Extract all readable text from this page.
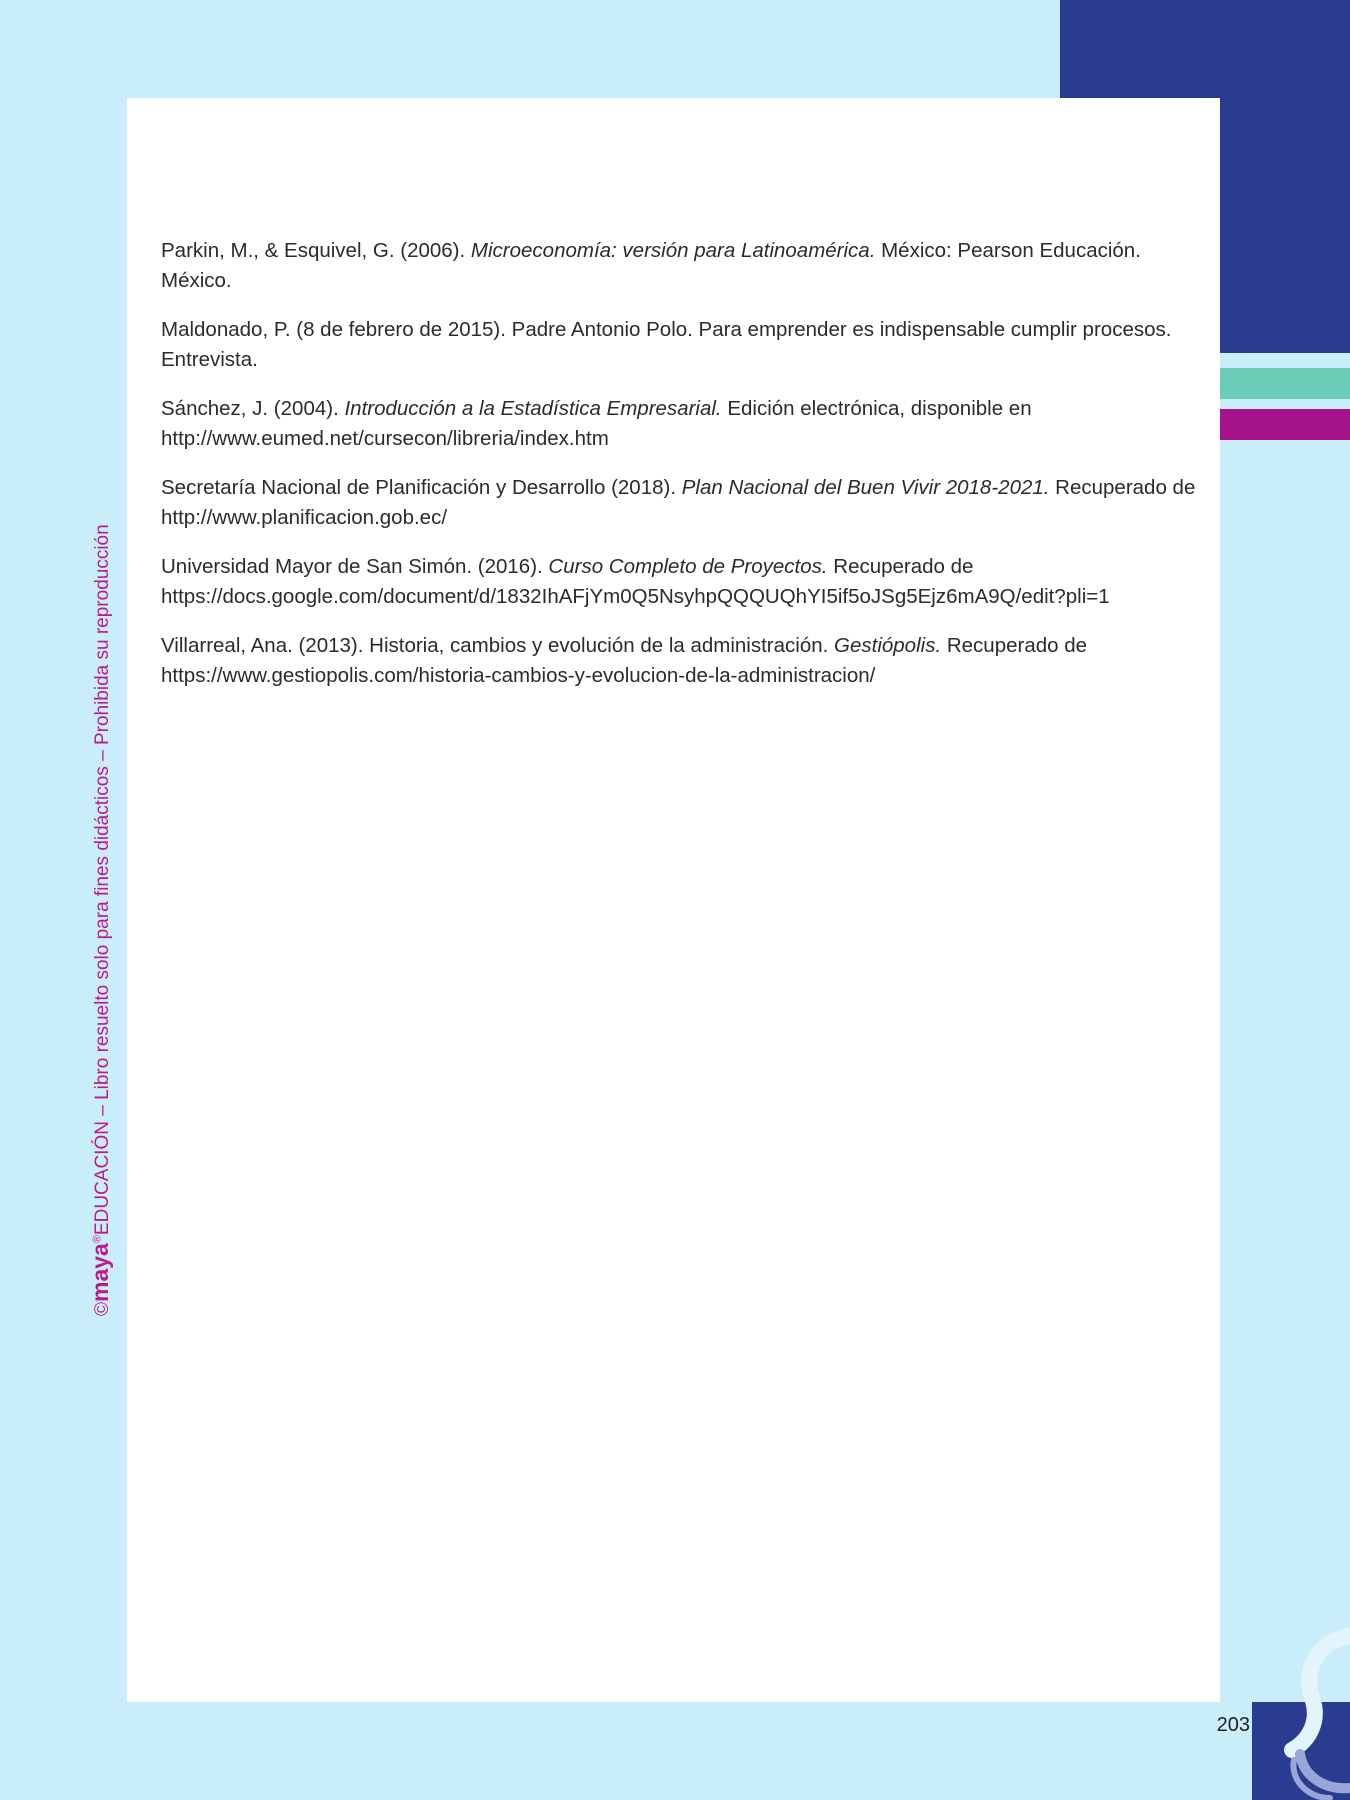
Parkin, M., & Esquivel, G. (2006). Microeconomía: versión para Latinoamérica. México: Pearson Educación.
México.

Maldonado, P. (8 de febrero de 2015). Padre Antonio Polo. Para emprender es indispensable cumplir procesos.
Entrevista.

Sánchez, J. (2004). Introducción a la Estadística Empresarial. Edición electrónica, disponible en
http://www.eumed.net/cursecon/libreria/index.htm

Secretaría Nacional de Planificación y Desarrollo (2018). Plan Nacional del Buen Vivir 2018-2021. Recuperado de
http://www.planificacion.gob.ec/

Universidad Mayor de San Simón. (2016). Curso Completo de Proyectos. Recuperado de
https://docs.google.com/document/d/1832IhAFjYm0Q5NsyhpQQQUQhYI5if5oJSg5Ejz6mA9Q/edit?pli=1

Villarreal, Ana. (2013). Historia, cambios y evolución de la administración. Gestiópolis. Recuperado de
https://www.gestiopolis.com/historia-cambios-y-evolucion-de-la-administracion/

©maya®EDUCACIÓN – Libro resuelto solo para fines didácticos – Prohibida su reproducción
203
